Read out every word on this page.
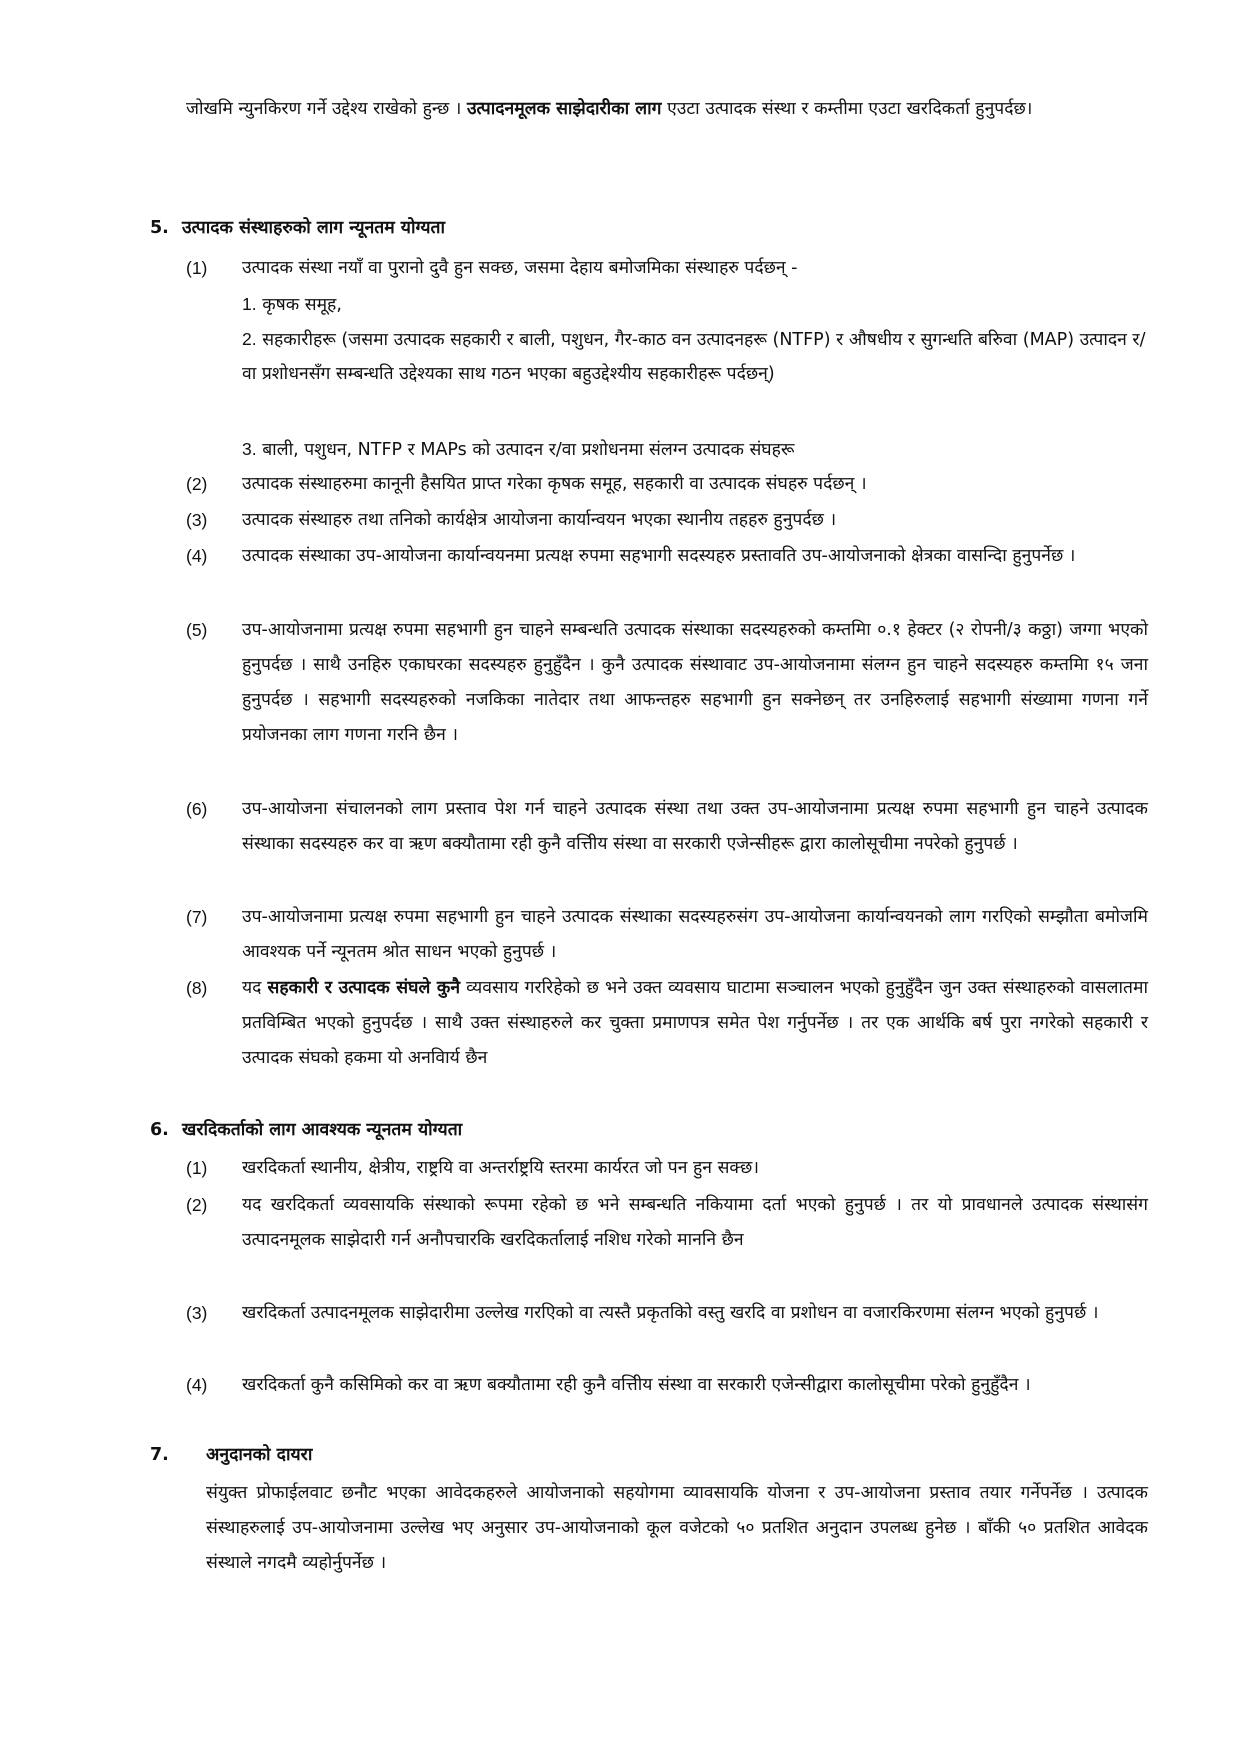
जोखमि न्युनकिरण गर्ने उद्देश्य राखेको हुन्छ । उत्पादनमूलक साझेदारीका लाग एउटा उत्पादक संस्था र कम्तीमा एउटा खरदिकर्ता हुनुपर्दछ।

5. उत्पादक संस्थाहरुको लाग न्यूनतम योग्यता
(1) उत्पादक संस्था नयाँ वा पुरानो दुवै हुन सक्छ, जसमा देहाय बमोजमिका संस्थाहरु पर्दछन् -

1. कृषक समूह,

2. सहकारीहरू (जसमा उत्पादक सहकारी र बाली, पशुधन, गैर-काठ वन उत्पादनहरू (NTFP) र औषधीय र सुगन्धति बरुिवा (MAP) उत्पादन र/वा प्रशोधनसँग सम्बन्धति उद्देश्यका साथ गठन भएका बहुउद्देश्यीय सहकारीहरू पर्दछन्)

3. बाली, पशुधन, NTFP र MAPs को उत्पादन र/वा प्रशोधनमा संलग्न उत्पादक संघहरू

(2) उत्पादक संस्थाहरुमा कानूनी हैसयित प्राप्त गरेका कृषक समूह, सहकारी वा उत्पादक संघहरु पर्दछन् ।

(3) उत्पादक संस्थाहरु तथा तनिको कार्यक्षेत्र आयोजना कार्यान्वयन भएका स्थानीय तहहरु हुनुपर्दछ ।

(4) उत्पादक संस्थाका उप-आयोजना कार्यान्वयनमा प्रत्यक्ष रुपमा सहभागी सदस्यहरु प्रस्तावति उप-आयोजनाको क्षेत्रका वासन्दिा हुनुपर्नेछ ।

(5) उप-आयोजनामा प्रत्यक्ष रुपमा सहभागी हुन चाहने सम्बन्धति उत्पादक संस्थाका सदस्यहरुको कम्तमिा ०.१ हेक्टर (२ रोपनी/३ कठ्ठा) जग्गा भएको हुनुपर्दछ । साथै उनहिरु एकाघरका सदस्यहरु हुनुहुँदैन । कुनै उत्पादक संस्थावाट उप-आयोजनामा संलग्न हुन चाहने सदस्यहरु कम्तमिा १५ जना हुनुपर्दछ । सहभागी सदस्यहरुको नजकिका नातेदार तथा आफन्तहरु सहभागी हुन सक्नेछन् तर उनहिरुलाई सहभागी संख्यामा गणना गर्ने प्रयोजनका लाग गणना गरनि छैन ।

(6) उप-आयोजना संचालनको लाग प्रस्ताव पेश गर्न चाहने उत्पादक संस्था तथा उक्त उप-आयोजनामा प्रत्यक्ष रुपमा सहभागी हुन चाहने उत्पादक संस्थाका सदस्यहरु कर वा ऋण बक्यौतामा रही कुनै वत्तिीय संस्था वा सरकारी एजेन्सीहरू द्वारा कालोसूचीमा नपरेको हुनुपर्छ ।

(7) उप-आयोजनामा प्रत्यक्ष रुपमा सहभागी हुन चाहने उत्पादक संस्थाका सदस्यहरुसंग उप-आयोजना कार्यान्वयनको लाग गरएिको सम्झौता बमोजमि आवश्यक पर्ने न्यूनतम श्रोत साधन भएको हुनुपर्छ ।

(8) यद सहकारी र उत्पादक संघले कुनै व्यवसाय गररिहेको छ भने उक्त व्यवसाय घाटामा सञ्चालन भएको हुनुहुँदैन जुन उक्त संस्थाहरुको वासलातमा प्रतविम्बित भएको हुनुपर्दछ । साथै उक्त संस्थाहरुले कर चुक्ता प्रमाणपत्र समेत पेश गर्नुपर्नेछ । तर एक आर्थकि बर्ष पुरा नगरेको सहकारी र उत्पादक संघको हकमा यो अनविार्य छैन

6. खरदिकर्ताको लाग आवश्यक न्यूनतम योग्यता
(1) खरदिकर्ता स्थानीय, क्षेत्रीय, राष्ट्रयि वा अन्तर्राष्ट्रयि स्तरमा कार्यरत जो पन हुन सक्छ।

(2) यद खरदिकर्ता व्यवसायकि संस्थाको रूपमा रहेको छ भने सम्बन्धति नकियामा दर्ता भएको हुनुपर्छ । तर यो प्रावधानले उत्पादक संस्थासंग उत्पादनमूलक साझेदारी गर्न अनौपचारकि खरदिकर्तालाई नशिध गरेको माननि छैन

(3) खरदिकर्ता उत्पादनमूलक साझेदारीमा उल्लेख गरएिको वा त्यस्तै प्रकृतकिो वस्तु खरदि वा प्रशोधन वा वजारकिरणमा संलग्न भएको हुनुपर्छ ।

(4) खरदिकर्ता कुनै कसिमिको कर वा ऋण बक्यौतामा रही कुनै वत्तिीय संस्था वा सरकारी एजेन्सीद्वारा कालोसूचीमा परेको हुनुहुँदैन ।

7. अनुदानको दायरा

संयुक्त प्रोफाईलवाट छनौट भएका आवेदकहरुले आयोजनाको सहयोगमा व्यावसायकि योजना र उप-आयोजना प्रस्ताव तयार गर्नेपर्नेछ । उत्पादक संस्थाहरुलाई उप-आयोजनामा उल्लेख भए अनुसार उप-आयोजनाको कूल वजेटको ५० प्रतशित अनुदान उपलब्ध हुनेछ । बाँकी ५० प्रतशित आवेदक संस्थाले नगदमै व्यहोर्नुपर्नेछ ।
